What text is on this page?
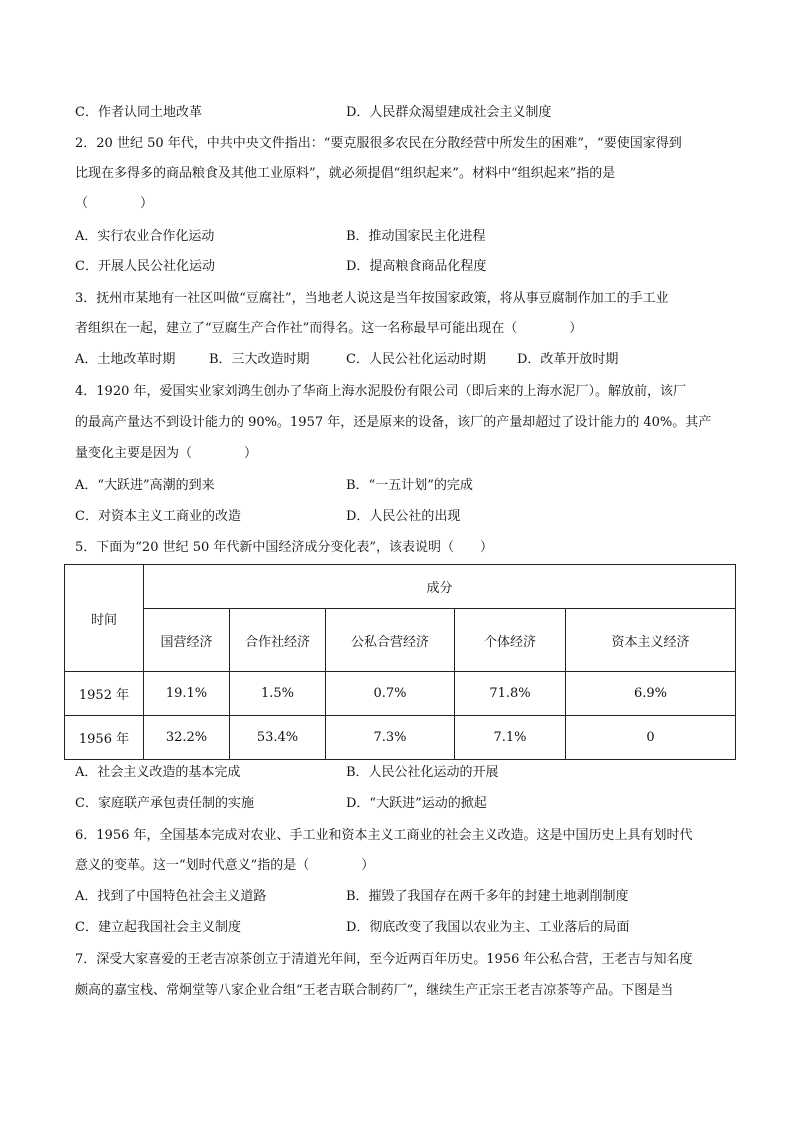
C．作者认同土地改革	D．人民群众渴望建成社会主义制度
2．20 世纪 50 年代，中共中央文件指出：“要克服很多农民在分散经营中所发生的困难”，“要使国家得到
比现在多得多的商品粮食及其他工业原料”，就必须提倡“组织起来”。材料中“组织起来”指的是
（　　　　）
A．实行农业合作化运动	B．推动国家民主化进程
C．开展人民公社化运动	D．提高粮食商品化程度
3．抚州市某地有一社区叫做“豆腐社”，当地老人说这是当年按国家政策，将从事豆腐制作加工的手工业
者组织在一起，建立了“豆腐生产合作社”而得名。这一名称最早可能出现在（　　　　）
A．土地改革时期	B．三大改造时期	C．人民公社化运动时期 D．改革开放时期
4．1920 年，爱国实业家刘鸿生创办了华商上海水泥股份有限公司（即后来的上海水泥厂）。解放前，该厂
的最高产量达不到设计能力的 90%。1957 年，还是原来的设备，该厂的产量却超过了设计能力的 40%。其产
量变化主要是因为（　　　　）
A．“大跃进”高潮的到来	B．“一五计划”的完成
C．对资本主义工商业的改造	D．人民公社的出现
5．下面为“20 世纪 50 年代新中国经济成分变化表”，该表说明（　　）
时间	成分				
	国营经济	合作社经济	公私合营经济	个体经济	资本主义经济
1952 年	19.1%	1.5%	0.7%	71.8%	6.9%
1956 年	32.2%	53.4%	7.3%	7.1%	0
A．社会主义改造的基本完成	B．人民公社化运动的开展
C．家庭联产承包责任制的实施	D．“大跃进”运动的掀起
6．1956 年，全国基本完成对农业、手工业和资本主义工商业的社会主义改造。这是中国历史上具有划时代
意义的变革。这一“划时代意义”指的是（　　　　）
A．找到了中国特色社会主义道路	B．摧毁了我国存在两千多年的封建土地剥削制度
C．建立起我国社会主义制度	D．彻底改变了我国以农业为主、工业落后的局面
7．深受大家喜爱的王老吉凉茶创立于清道光年间，至今近两百年历史。1956 年公私合营，王老吉与知名度
颇高的嘉宝栈、常炯堂等八家企业合组“王老吉联合制药厂”，继续生产正宗王老吉凉茶等产品。下图是当
